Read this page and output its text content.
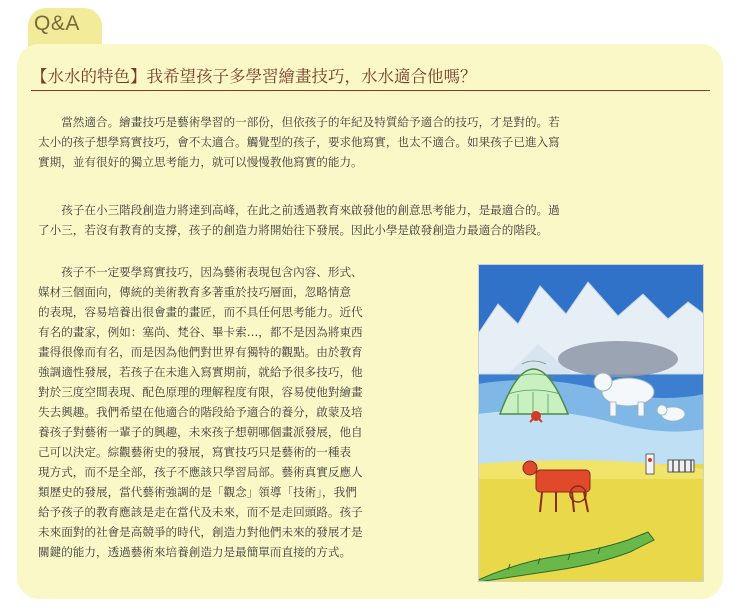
Q&A
【水水的特色】我希望孩子多學習繪畫技巧，水水適合他嗎？
　　當然適合。繪畫技巧是藝術學習的一部份，但依孩子的年紀及特質給予適合的技巧，才是對的。若
太小的孩子想學寫實技巧，會不太適合。觸覺型的孩子，要求他寫實，也太不適合。如果孩子已進入寫
實期，並有很好的獨立思考能力，就可以慢慢教他寫實的能力。
　　孩子在小三階段創造力將達到高峰，在此之前透過教育來啟發他的創意思考能力，是最適合的。過
了小三，若沒有教育的支撐，孩子的創造力將開始往下發展。因此小學是啟發創造力最適合的階段。
　　孩子不一定要學寫實技巧，因為藝術表現包含內容、形式、
媒材三個面向，傳統的美術教育多著重於技巧層面，忽略情意
的表現，容易培養出很會畫的畫匠，而不具任何思考能力。近代
有名的畫家，例如：塞尚、梵谷、畢卡索…，都不是因為將東西
畫得很像而有名，而是因為他們對世界有獨特的觀點。由於教育
強調適性發展，若孩子在未進入寫實期前，就給予很多技巧，他
對於三度空間表現、配色原理的理解程度有限，容易使他對繪畫
失去興趣。我們希望在他適合的階段給予適合的養分，啟蒙及培
養孩子對藝術一輩子的興趣，未來孩子想朝哪個畫派發展，他自
己可以決定。綜觀藝術史的發展，寫實技巧只是藝術的一種表
現方式，而不是全部，孩子不應該只學習局部。藝術真實反應人
類歷史的發展，當代藝術強調的是「觀念」領導「技術」，我們
給予孩子的教育應該是走在當代及未來，而不是走回頭路。孩子
未來面對的社會是高競爭的時代，創造力對他們未來的發展才是
關鍵的能力，透過藝術來培養創造力是最簡單而直接的方式。
